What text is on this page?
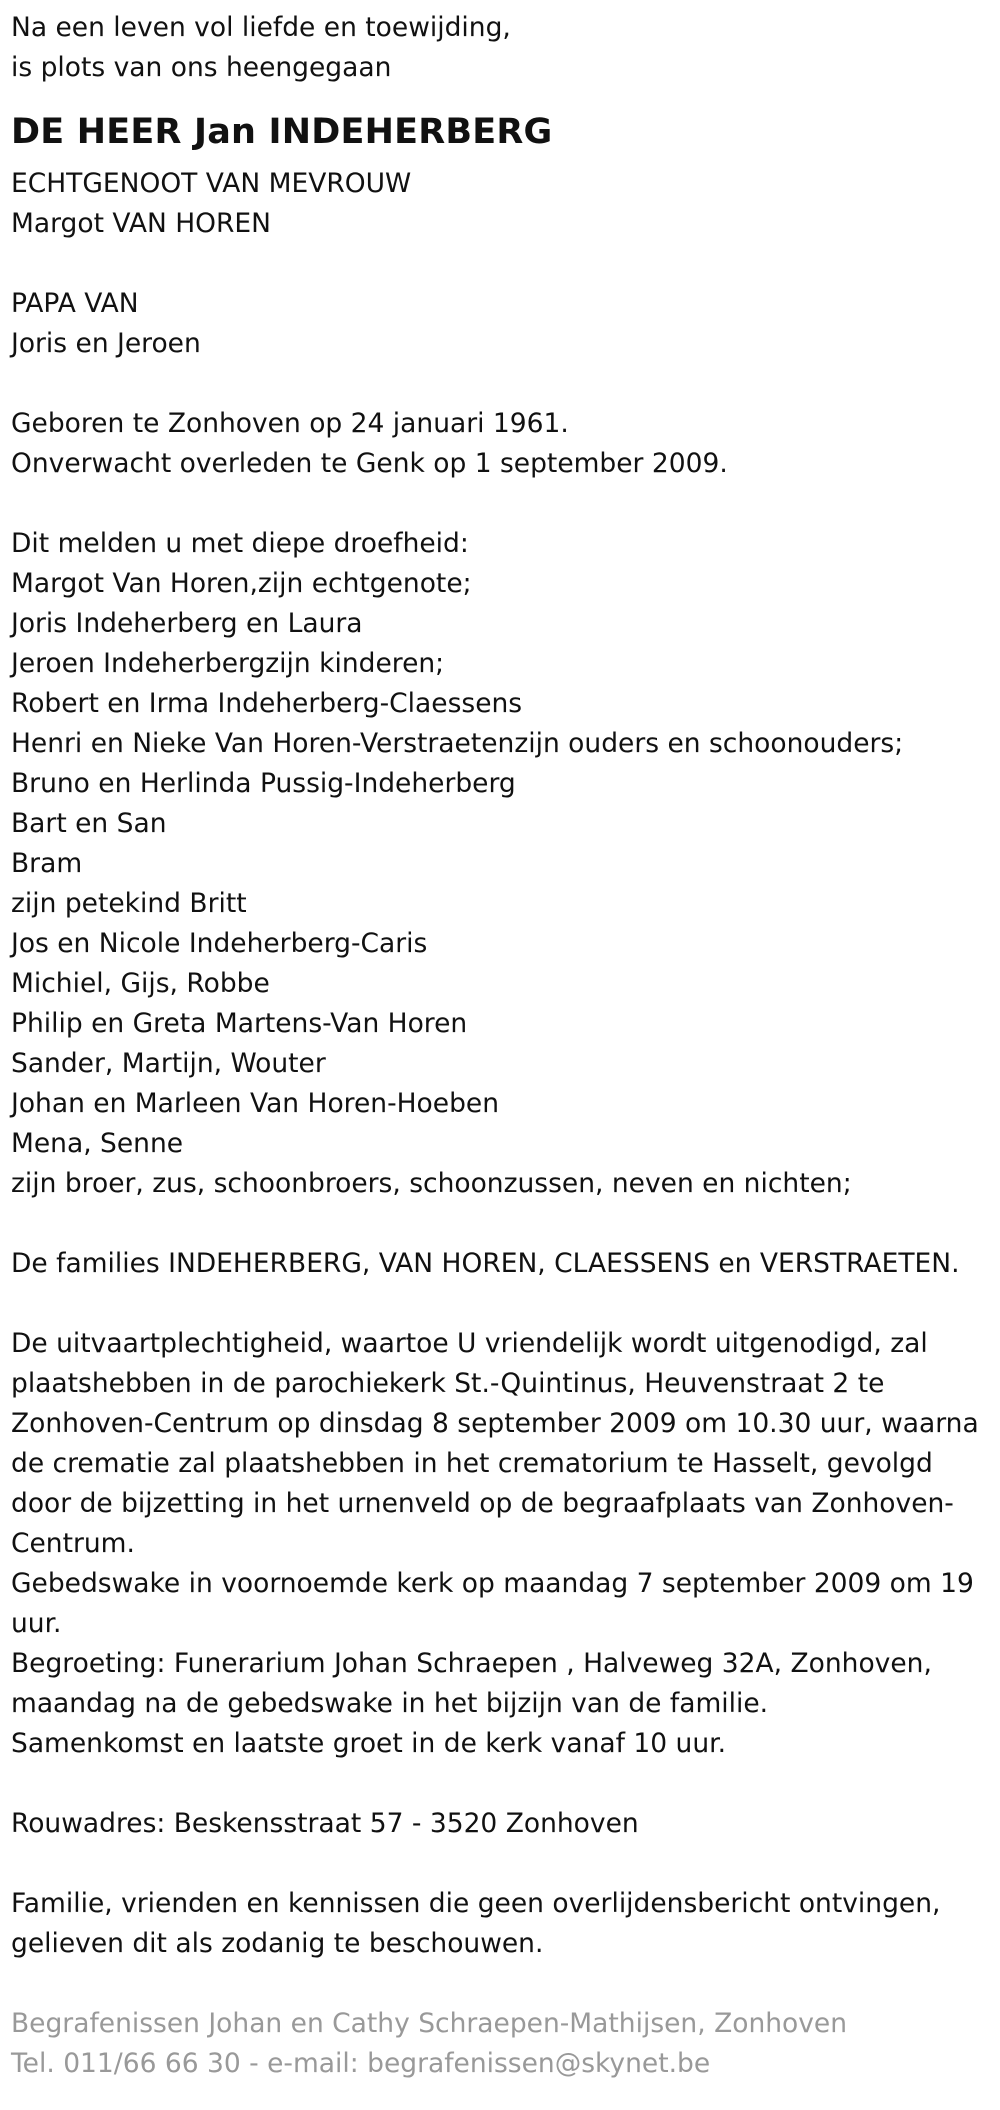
Na een leven vol liefde en toewijding,

is plots van ons heengegaan

DE HEER Jan INDEHERBERG

ECHTGENOOT VAN MEVROUW

Margot VAN HOREN

PAPA VAN

Joris en Jeroen

Geboren te Zonhoven op 24 januari 1961.

Onverwacht overleden te Genk op 1 september 2009.

Dit melden u met diepe droefheid:

Margot Van Horen,zijn echtgenote;

Joris Indeherberg en Laura

Jeroen Indeherbergzijn kinderen;

Robert en Irma Indeherberg-Claessens

Henri en Nieke Van Horen-Verstraetenzijn ouders en schoonouders;

Bruno en Herlinda Pussig-Indeherberg

Bart en San

Bram

zijn petekind Britt

Jos en Nicole Indeherberg-Caris

Michiel, Gijs, Robbe

Philip en Greta Martens-Van Horen

Sander, Martijn, Wouter

Johan en Marleen Van Horen-Hoeben

Mena, Senne

zijn broer, zus, schoonbroers, schoonzussen, neven en nichten;

De families INDEHERBERG, VAN HOREN, CLAESSENS en VERSTRAETEN.

De uitvaartplechtigheid, waartoe U vriendelijk wordt uitgenodigd, zal

plaatshebben in de parochiekerk St.-Quintinus, Heuvenstraat 2 te

Zonhoven-Centrum op dinsdag 8 september 2009 om 10.30 uur, waarna

de crematie zal plaatshebben in het crematorium te Hasselt, gevolgd

door de bijzetting in het urnenveld op de begraafplaats van Zonhoven-

Centrum.

Gebedswake in voornoemde kerk op maandag 7 september 2009 om 19

uur.

Begroeting: Funerarium Johan Schraepen , Halveweg 32A, Zonhoven,

maandag na de gebedswake in het bijzijn van de familie.

Samenkomst en laatste groet in de kerk vanaf 10 uur.

Rouwadres: Beskensstraat 57 - 3520 Zonhoven

Familie, vrienden en kennissen die geen overlijdensbericht ontvingen,

gelieven dit als zodanig te beschouwen.

Begrafenissen Johan en Cathy Schraepen-Mathijsen, Zonhoven

Tel. 011/66 66 30 - e-mail: begrafenissen@skynet.be
